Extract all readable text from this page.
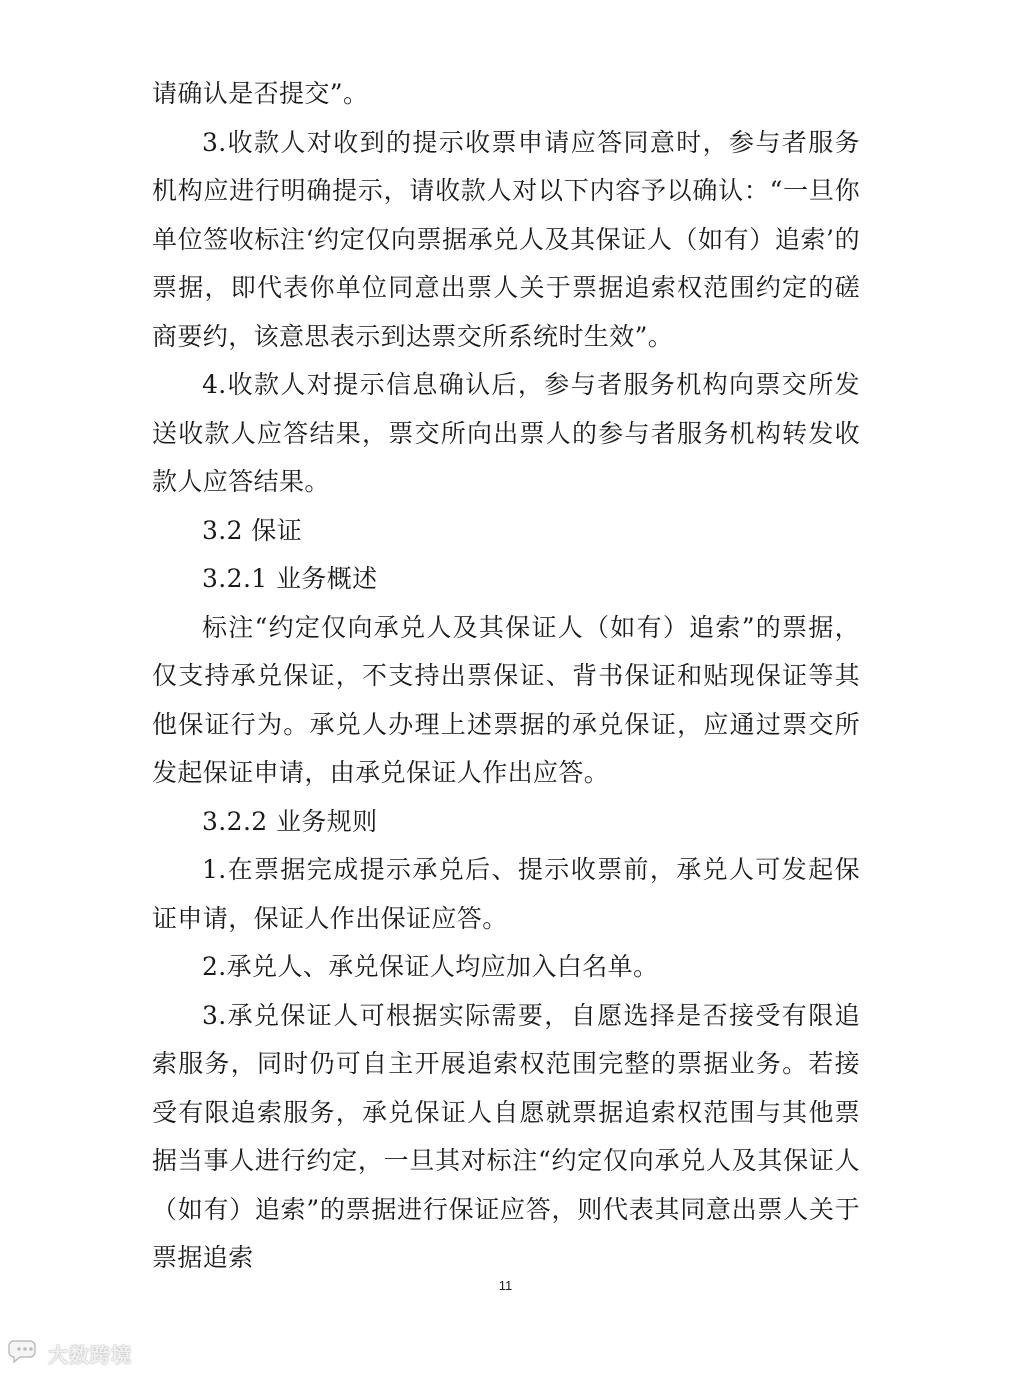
请确认是否提交”。

3.收款人对收到的提示收票申请应答同意时，参与者服务机构应进行明确提示，请收款人对以下内容予以确认：“一旦你单位签收标注‘约定仅向票据承兑人及其保证人（如有）追索’的票据，即代表你单位同意出票人关于票据追索权范围约定的磋商要约，该意思表示到达票交所系统时生效”。

4.收款人对提示信息确认后，参与者服务机构向票交所发送收款人应答结果，票交所向出票人的参与者服务机构转发收款人应答结果。

3.2 保证

3.2.1 业务概述

标注“约定仅向承兑人及其保证人（如有）追索”的票据，仅支持承兑保证，不支持出票保证、背书保证和贴现保证等其他保证行为。承兑人办理上述票据的承兑保证，应通过票交所发起保证申请，由承兑保证人作出应答。

3.2.2 业务规则

1.在票据完成提示承兑后、提示收票前，承兑人可发起保证申请，保证人作出保证应答。

2.承兑人、承兑保证人均应加入白名单。

3.承兑保证人可根据实际需要，自愿选择是否接受有限追索服务，同时仍可自主开展追索权范围完整的票据业务。若接受有限追索服务，承兑保证人自愿就票据追索权范围与其他票据当事人进行约定，一旦其对标注“约定仅向承兑人及其保证人（如有）追索”的票据进行保证应答，则代表其同意出票人关于票据追索

11
大数跨境
